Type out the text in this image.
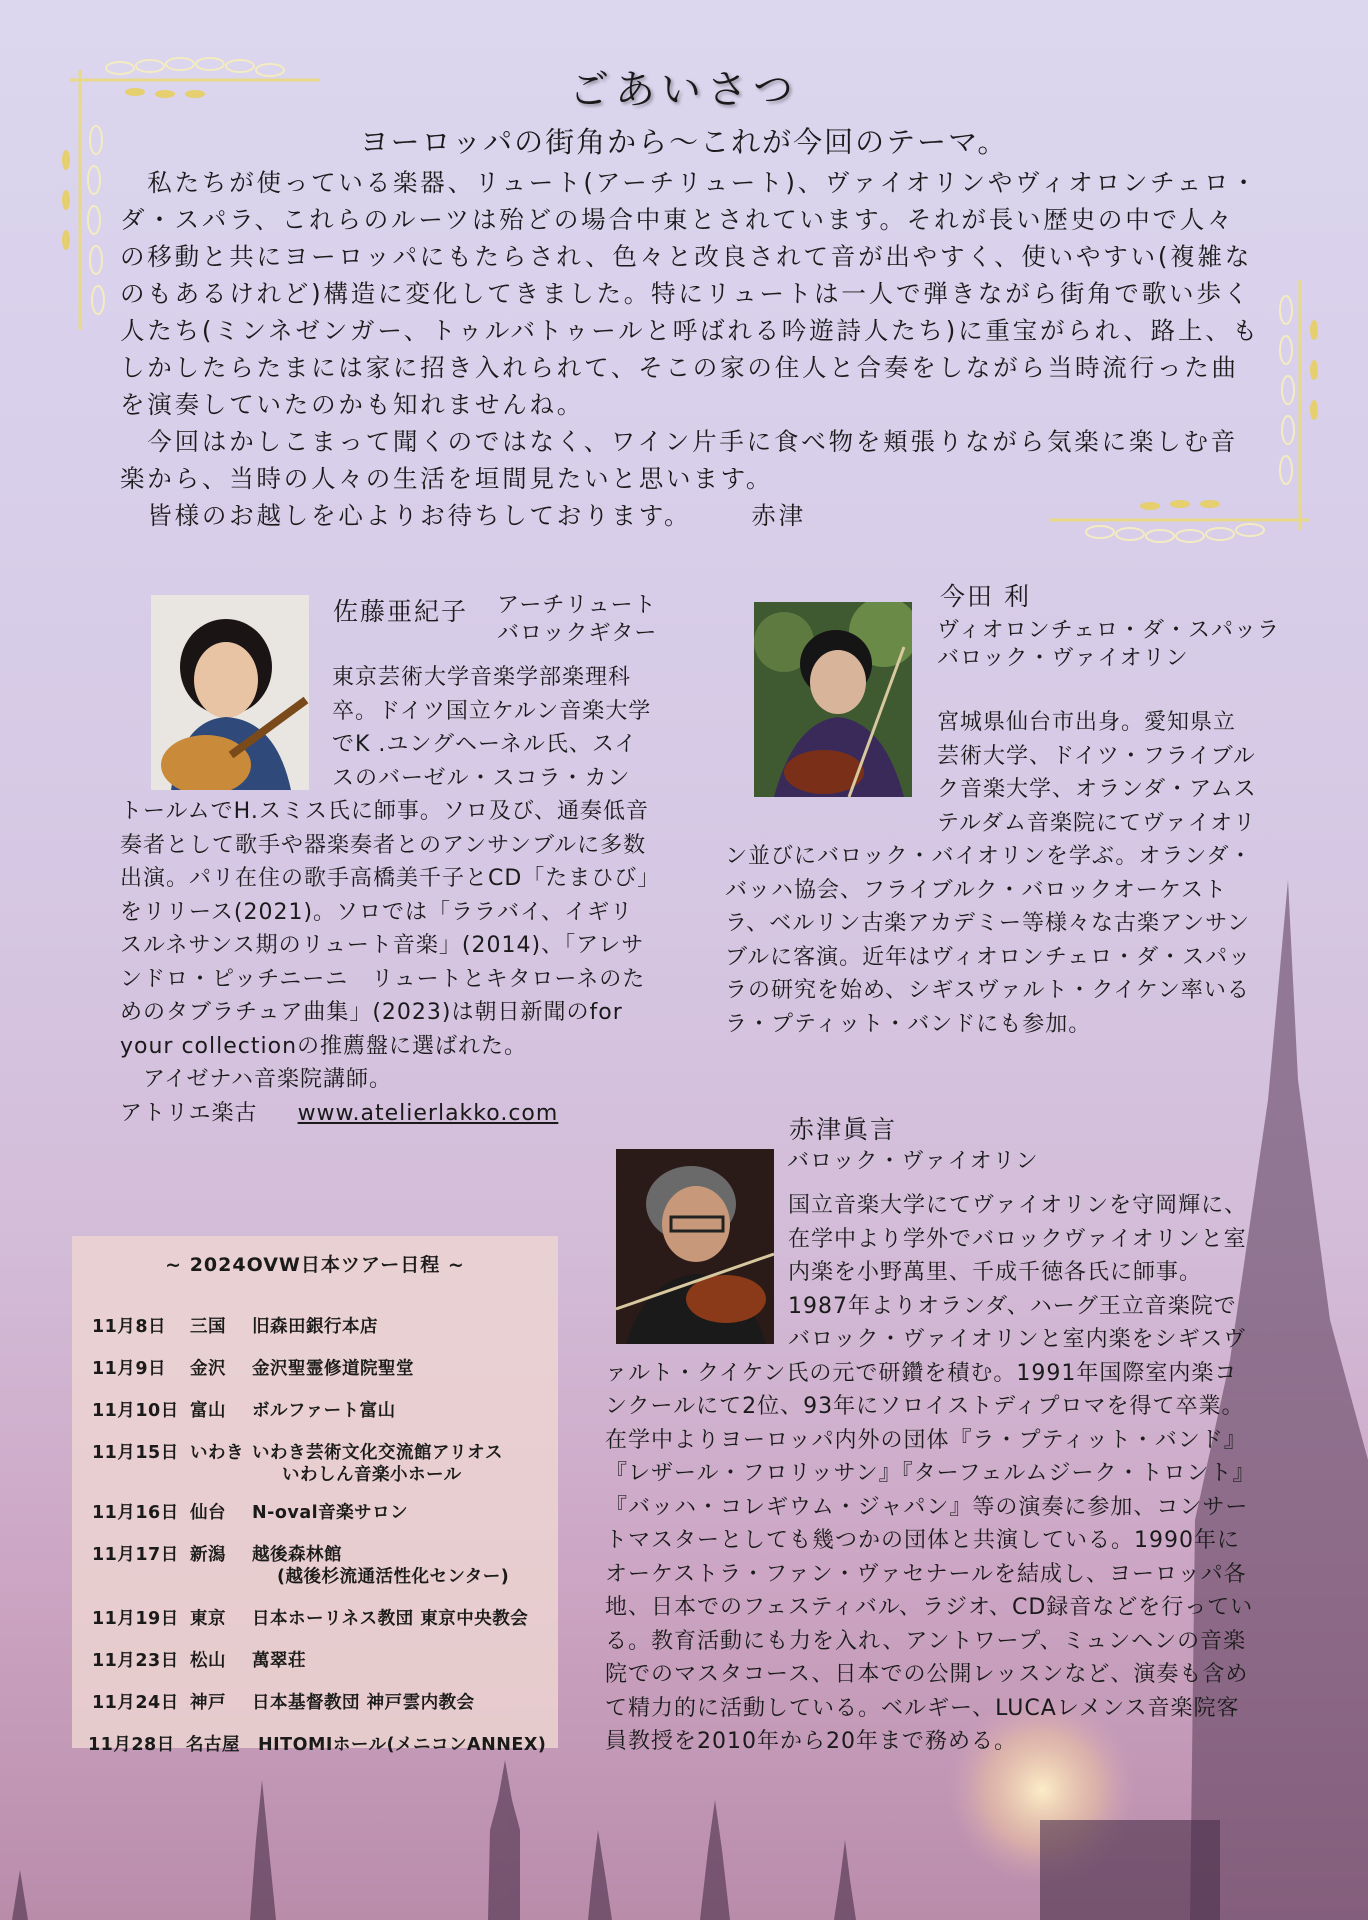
ごあいさつ
ヨーロッパの街角から～これが今回のテーマ。

　私たちが使っている楽器、リュート(アーチリュート)、ヴァイオリンやヴィオロンチェロ・ダ・スパラ、これらのルーツは殆どの場合中東とされています。それが長い歴史の中で人々の移動と共にヨーロッパにもたらされ、色々と改良されて音が出やすく、使いやすい(複雑なのもあるけれど)構造に変化してきました。特にリュートは一人で弾きながら街角で歌い歩く人たち(ミンネゼンガー、トゥルバトゥールと呼ばれる吟遊詩人たち)に重宝がられ、路上、もしかしたらたまには家に招き入れられて、そこの家の住人と合奏をしながら当時流行った曲を演奏していたのかも知れませんね。

　今回はかしこまって聞くのではなく、ワイン片手に食べ物を頬張りながら気楽に楽しむ音楽から、当時の人々の生活を垣間見たいと思います。

　皆様のお越しを心よりお待ちしております。 赤津

佐藤亜紀子 アーチリュート
バロックギター

東京芸術大学音楽学部楽理科卒。ドイツ国立ケルン音楽大学でK .ユングヘーネル氏、スイスのバーゼル・スコラ・カントールムでH.スミス氏に師事。ソロ及び、通奏低音奏者として歌手や器楽奏者とのアンサンブルに多数出演。パリ在住の歌手高橋美千子とCD「たまひび」をリリース(2021)。ソロでは「ララバイ、イギリスルネサンス期のリュート音楽」(2014)、「アレサンドロ・ピッチニーニ　リュートとキタローネのためのタブラチュア曲集」(2023)は朝日新聞のfor your collectionの推薦盤に選ばれた。

　アイゼナハ音楽院講師。

アトリエ楽古 www.atelierlakko.com

今田 利
ヴィオロンチェロ・ダ・スパッラ
バロック・ヴァイオリン

宮城県仙台市出身。愛知県立芸術大学、ドイツ・フライブルク音楽大学、オランダ・アムステルダム音楽院にてヴァイオリン並びにバロック・バイオリンを学ぶ。オランダ・バッハ協会、フライブルク・バロックオーケストラ、ベルリン古楽アカデミー等様々な古楽アンサンブルに客演。近年はヴィオロンチェロ・ダ・スパッラの研究を始め、シギスヴァルト・クイケン率いるラ・プティット・バンドにも参加。

赤津眞言
バロック・ヴァイオリン

国立音楽大学にてヴァイオリンを守岡輝に、在学中より学外でバロックヴァイオリンと室内楽を小野萬里、千成千徳各氏に師事。1987年よりオランダ、ハーグ王立音楽院でバロック・ヴァイオリンと室内楽をシギスヴァルト・クイケン氏の元で研鑽を積む。1991年国際室内楽コンクールにて2位、93年にソロイストディプロマを得て卒業。在学中よりヨーロッパ内外の団体『ラ・プティット・バンド』『レザール・フロリッサン』『ターフェルムジーク・トロント』『バッハ・コレギウム・ジャパン』等の演奏に参加、コンサートマスターとしても幾つかの団体と共演している。1990年にオーケストラ・ファン・ヴァセナールを結成し、ヨーロッパ各地、日本でのフェスティバル、ラジオ、CD録音などを行っている。教育活動にも力を入れ、アントワープ、ミュンヘンの音楽院でのマスタコース、日本での公開レッスンなど、演奏も含めて精力的に活動している。ベルギー、LUCAレメンス音楽院客員教授を2010年から20年まで務める。

~ 2024OVW日本ツアー日程 ~
11月8日 三国 旧森田銀行本店
11月9日 金沢 金沢聖霊修道院聖堂
11月10日 富山 ボルファート富山
11月15日 いわき いわき芸術文化交流館アリオス
いわしん音楽小ホール
11月16日 仙台 N-oval音楽サロン
11月17日 新潟 越後森林館
(越後杉流通活性化センター)
11月19日 東京 日本ホーリネス教団 東京中央教会
11月23日 松山 萬翠荘
11月24日 神戸 日本基督教団 神戸雲内教会
11月28日 名古屋 HITOMIホール(メニコンANNEX)
